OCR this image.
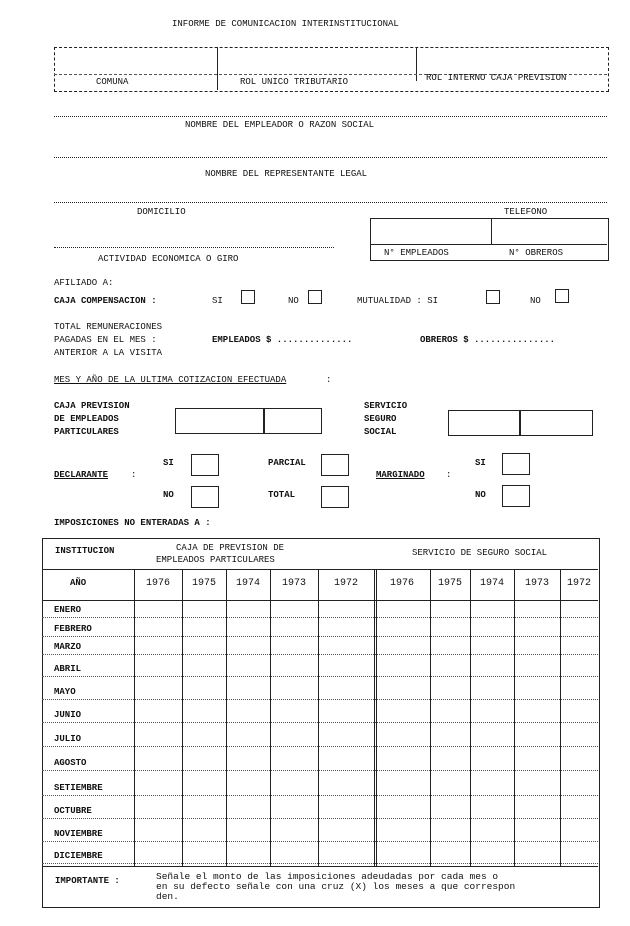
INFORME DE COMUNICACION INTERINSTITUCIONAL
COMUNA	ROL UNICO TRIBUTARIO	ROL INTERNO CAJA PREVISION
NOMBRE DEL EMPLEADOR O RAZON SOCIAL
NOMBRE DEL REPRESENTANTE LEGAL
DOMICILIO	TELEFONO
N° EMPLEADOS	N° OBREROS
ACTIVIDAD ECONOMICA O GIRO
AFILIADO A:
CAJA COMPENSACION :	SI	NO	MUTUALIDAD : SI	NO
TOTAL REMUNERACIONES
PAGADAS EN EL MES :
ANTERIOR A LA VISITA
EMPLEADOS $ ..............	OBREROS $ ...............
MES Y AÑO DE LA ULTIMA COTIZACION EFECTUADA	:
CAJA PREVISION
DE EMPLEADOS
PARTICULARES
SERVICIO
SEGURO
SOCIAL
DECLARANTE	:
SI
NO
PARCIAL
TOTAL
MARGINADO :
SI
NO
IMPOSICIONES NO ENTERADAS A :
INSTITUCION	CAJA DE PREVISION DE
EMPLEADOS PARTICULARES
SERVICIO DE SEGURO SOCIAL
AÑO	1976	1975	1974	1973	1972	1976	1975	1974	1973	1972
ENERO
FEBRERO
MARZO
ABRIL
MAYO
JUNIO
JULIO
AGOSTO
SETIEMBRE
OCTUBRE
NOVIEMBRE
DICIEMBRE
IMPORTANTE :	Señale el monto de las imposiciones adeudadas por cada mes o
en su defecto señale con una cruz (X) los meses a que correspon
den.
